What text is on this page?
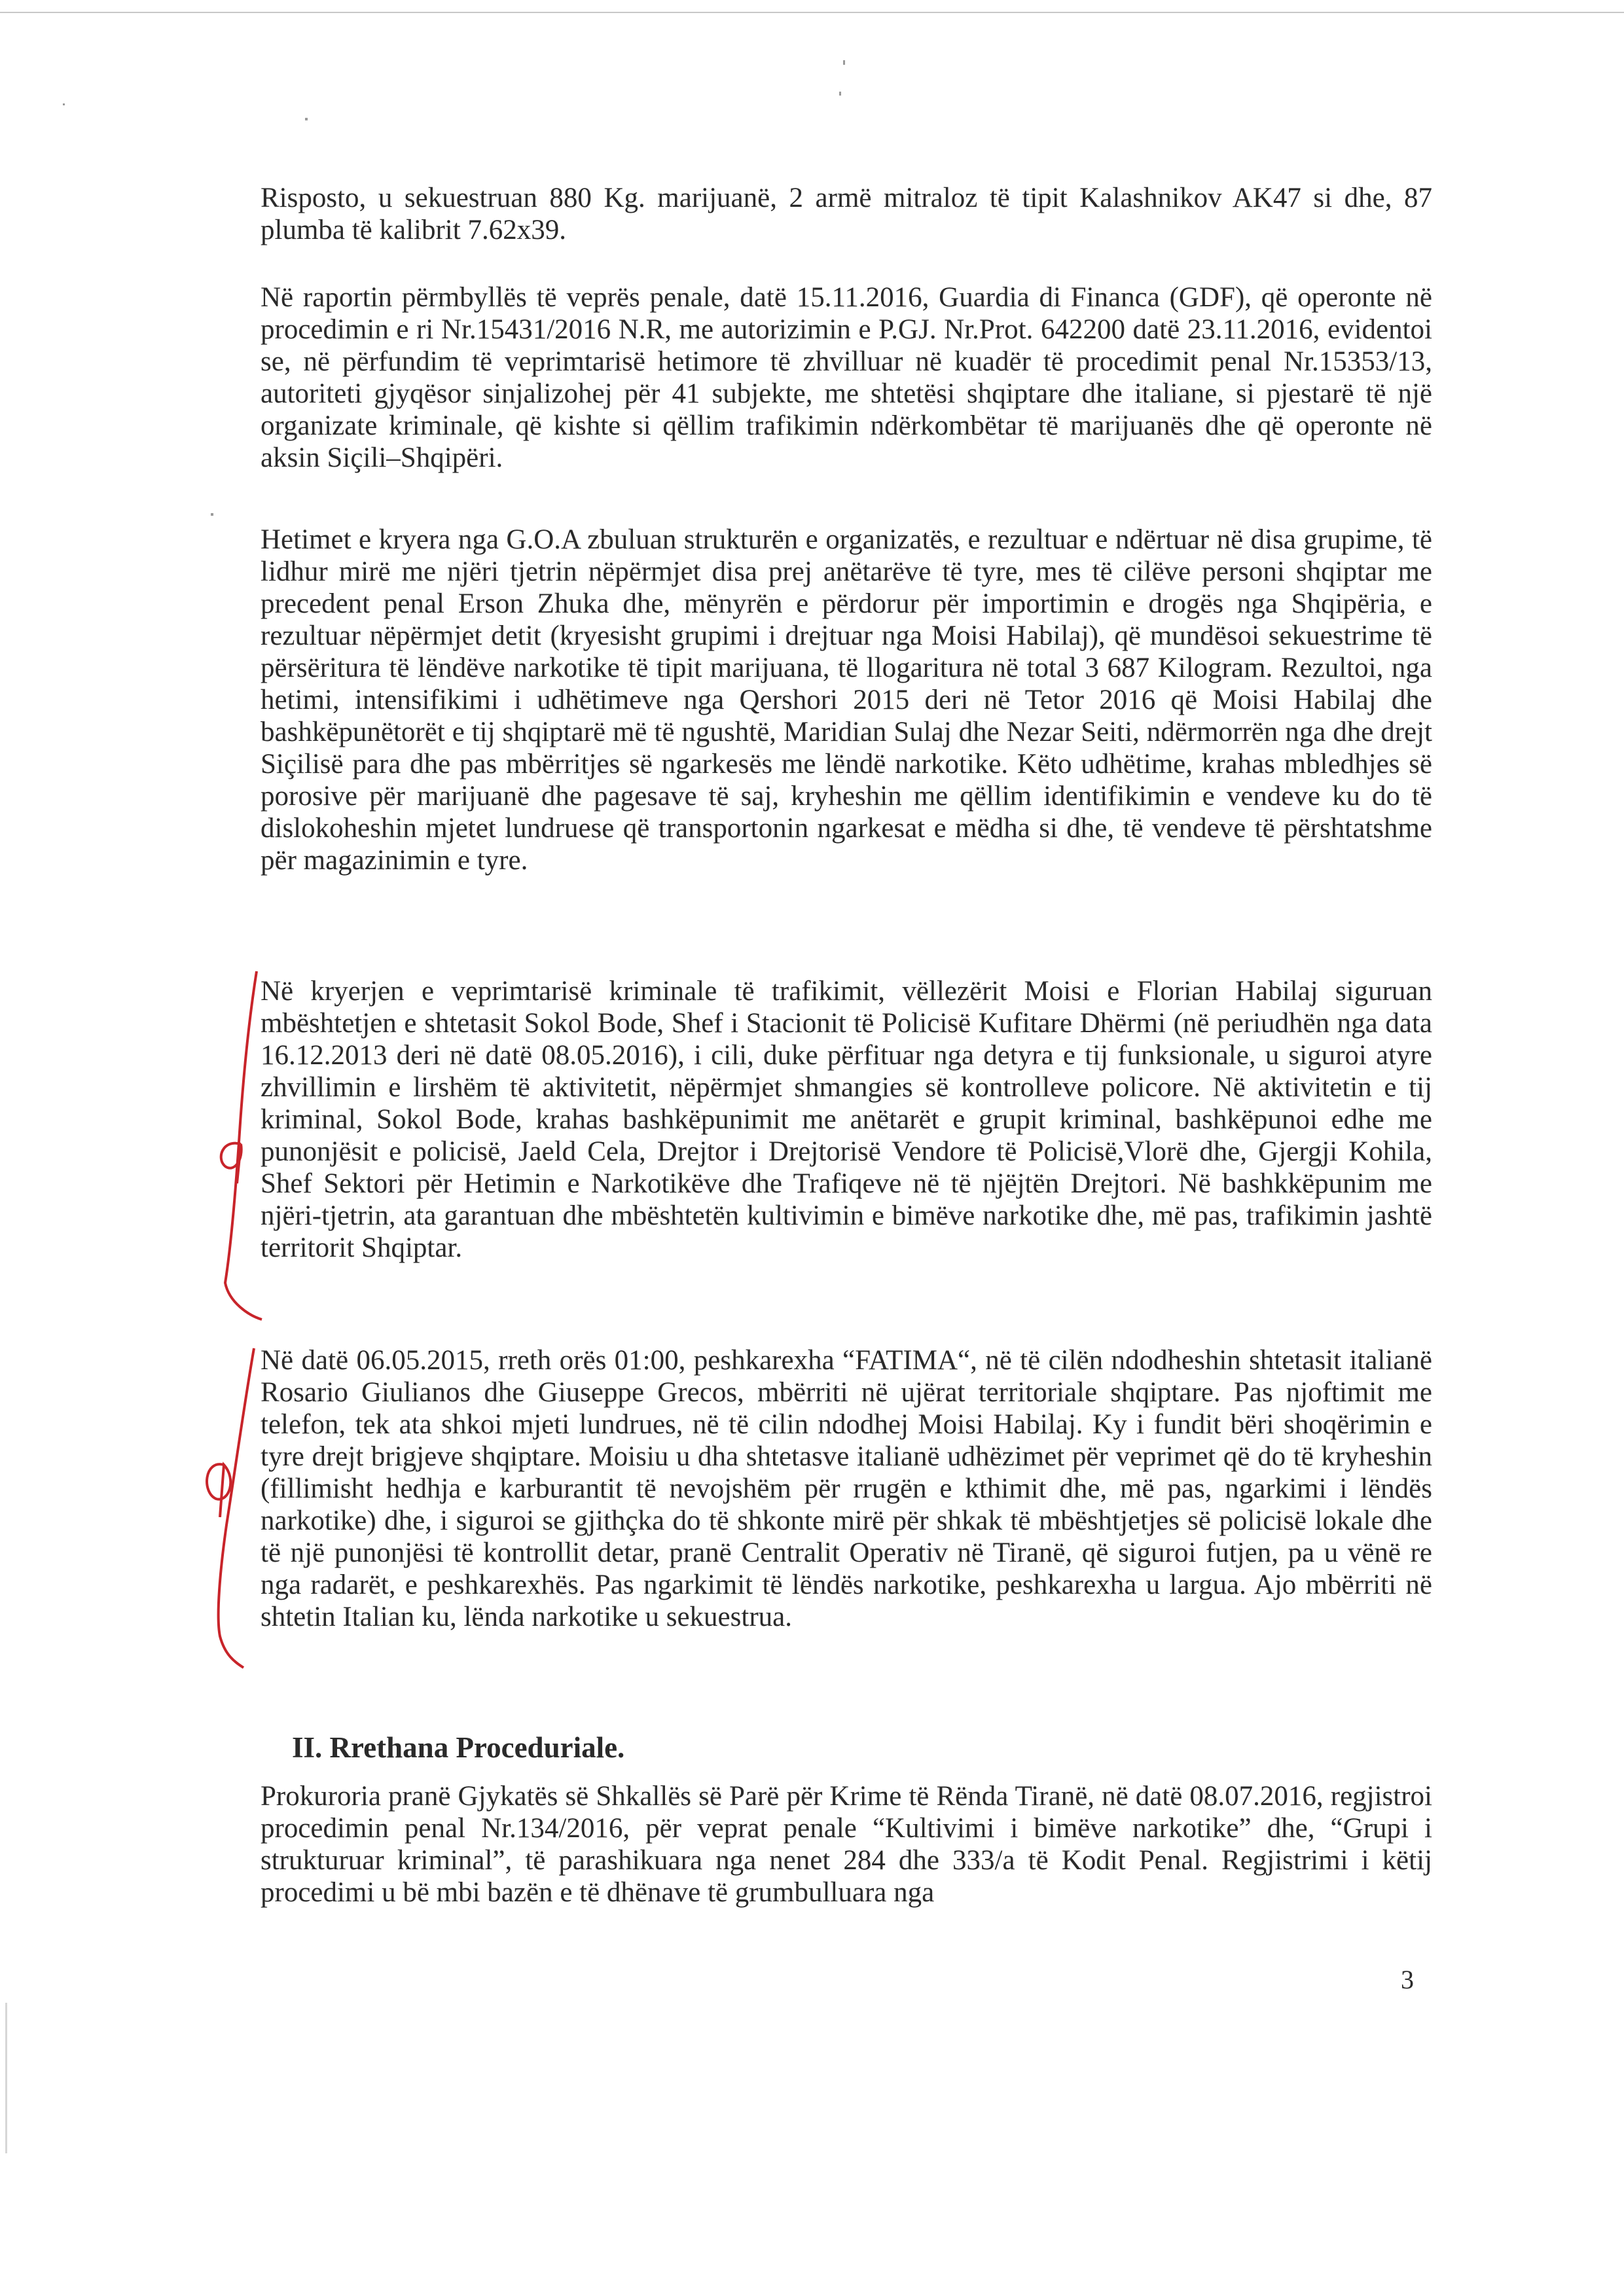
Risposto, u sekuestruan 880 Kg. marijuanë, 2 armë mitraloz të tipit Kalashnikov AK47 si dhe, 87 plumba të kalibrit 7.62x39.

Në raportin përmbyllës të veprës penale, datë 15.11.2016, Guardia di Financa (GDF), që operonte në procedimin e ri Nr.15431/2016 N.R, me autorizimin e P.GJ. Nr.Prot. 642200 datë 23.11.2016, evidentoi se, në përfundim të veprimtarisë hetimore të zhvilluar në kuadër të procedimit penal Nr.15353/13, autoriteti gjyqësor sinjalizohej për 41 subjekte, me shtetësi shqiptare dhe italiane, si pjestarë të një organizate kriminale, që kishte si qëllim trafikimin ndërkombëtar të marijuanës dhe që operonte në aksin Siçili–Shqipëri.

Hetimet e kryera nga G.O.A zbuluan strukturën e organizatës, e rezultuar e ndërtuar në disa grupime, të lidhur mirë me njëri tjetrin nëpërmjet disa prej anëtarëve të tyre, mes të cilëve personi shqiptar me precedent penal Erson Zhuka dhe, mënyrën e përdorur për importimin e drogës nga Shqipëria, e rezultuar nëpërmjet detit (kryesisht grupimi i drejtuar nga Moisi Habilaj), që mundësoi sekuestrime të përsëritura të lëndëve narkotike të tipit marijuana, të llogaritura në total 3 687 Kilogram. Rezultoi, nga hetimi, intensifikimi i udhëtimeve nga Qershori 2015 deri në Tetor 2016 që Moisi Habilaj dhe bashkëpunëtorët e tij shqiptarë më të ngushtë, Maridian Sulaj dhe Nezar Seiti, ndërmorrën nga dhe drejt Siçilisë para dhe pas mbërritjes së ngarkesës me lëndë narkotike. Këto udhëtime, krahas mbledhjes së porosive për marijuanë dhe pagesave të saj, kryheshin me qëllim identifikimin e vendeve ku do të dislokoheshin mjetet lundruese që transportonin ngarkesat e mëdha si dhe, të vendeve të përshtatshme për magazinimin e tyre.

Në kryerjen e veprimtarisë kriminale të trafikimit, vëllezërit Moisi e Florian Habilaj siguruan mbështetjen e shtetasit Sokol Bode, Shef i Stacionit të Policisë Kufitare Dhërmi (në periudhën nga data 16.12.2013 deri në datë 08.05.2016), i cili, duke përfituar nga detyra e tij funksionale, u siguroi atyre zhvillimin e lirshëm të aktivitetit, nëpërmjet shmangies së kontrolleve policore. Në aktivitetin e tij kriminal, Sokol Bode, krahas bashkëpunimit me anëtarët e grupit kriminal, bashkëpunoi edhe me punonjësit e policisë, Jaeld Cela, Drejtor i Drejtorisë Vendore të Policisë,Vlorë dhe, Gjergji Kohila, Shef Sektori për Hetimin e Narkotikëve dhe Trafiqeve në të njëjtën Drejtori. Në bashkkëpunim me njëri-tjetrin, ata garantuan dhe mbështetën kultivimin e bimëve narkotike dhe, më pas, trafikimin jashtë territorit Shqiptar.

Në datë 06.05.2015, rreth orës 01:00, peshkarexha “FATIMA“, në të cilën ndodheshin shtetasit italianë Rosario Giulianos dhe Giuseppe Grecos, mbërriti në ujërat territoriale shqiptare. Pas njoftimit me telefon, tek ata shkoi mjeti lundrues, në të cilin ndodhej Moisi Habilaj. Ky i fundit bëri shoqërimin e tyre drejt brigjeve shqiptare. Moisiu u dha shtetasve italianë udhëzimet për veprimet që do të kryheshin (fillimisht hedhja e karburantit të nevojshëm për rrugën e kthimit dhe, më pas, ngarkimi i lëndës narkotike) dhe, i siguroi se gjithçka do të shkonte mirë për shkak të mbështjetjes së policisë lokale dhe të një punonjësi të kontrollit detar, pranë Centralit Operativ në Tiranë, që siguroi futjen, pa u vënë re nga radarët, e peshkarexhës. Pas ngarkimit të lëndës narkotike, peshkarexha u largua. Ajo mbërriti në shtetin Italian ku, lënda narkotike u sekuestrua.

II. Rrethana Proceduriale.

Prokuroria pranë Gjykatës së Shkallës së Parë për Krime të Rënda Tiranë, në datë 08.07.2016, regjistroi procedimin penal Nr.134/2016, për veprat penale “Kultivimi i bimëve narkotike” dhe, “Grupi i strukturuar kriminal”, të parashikuara nga nenet 284 dhe 333/a të Kodit Penal. Regjistrimi i këtij procedimi u bë mbi bazën e të dhënave të grumbulluara nga

3
